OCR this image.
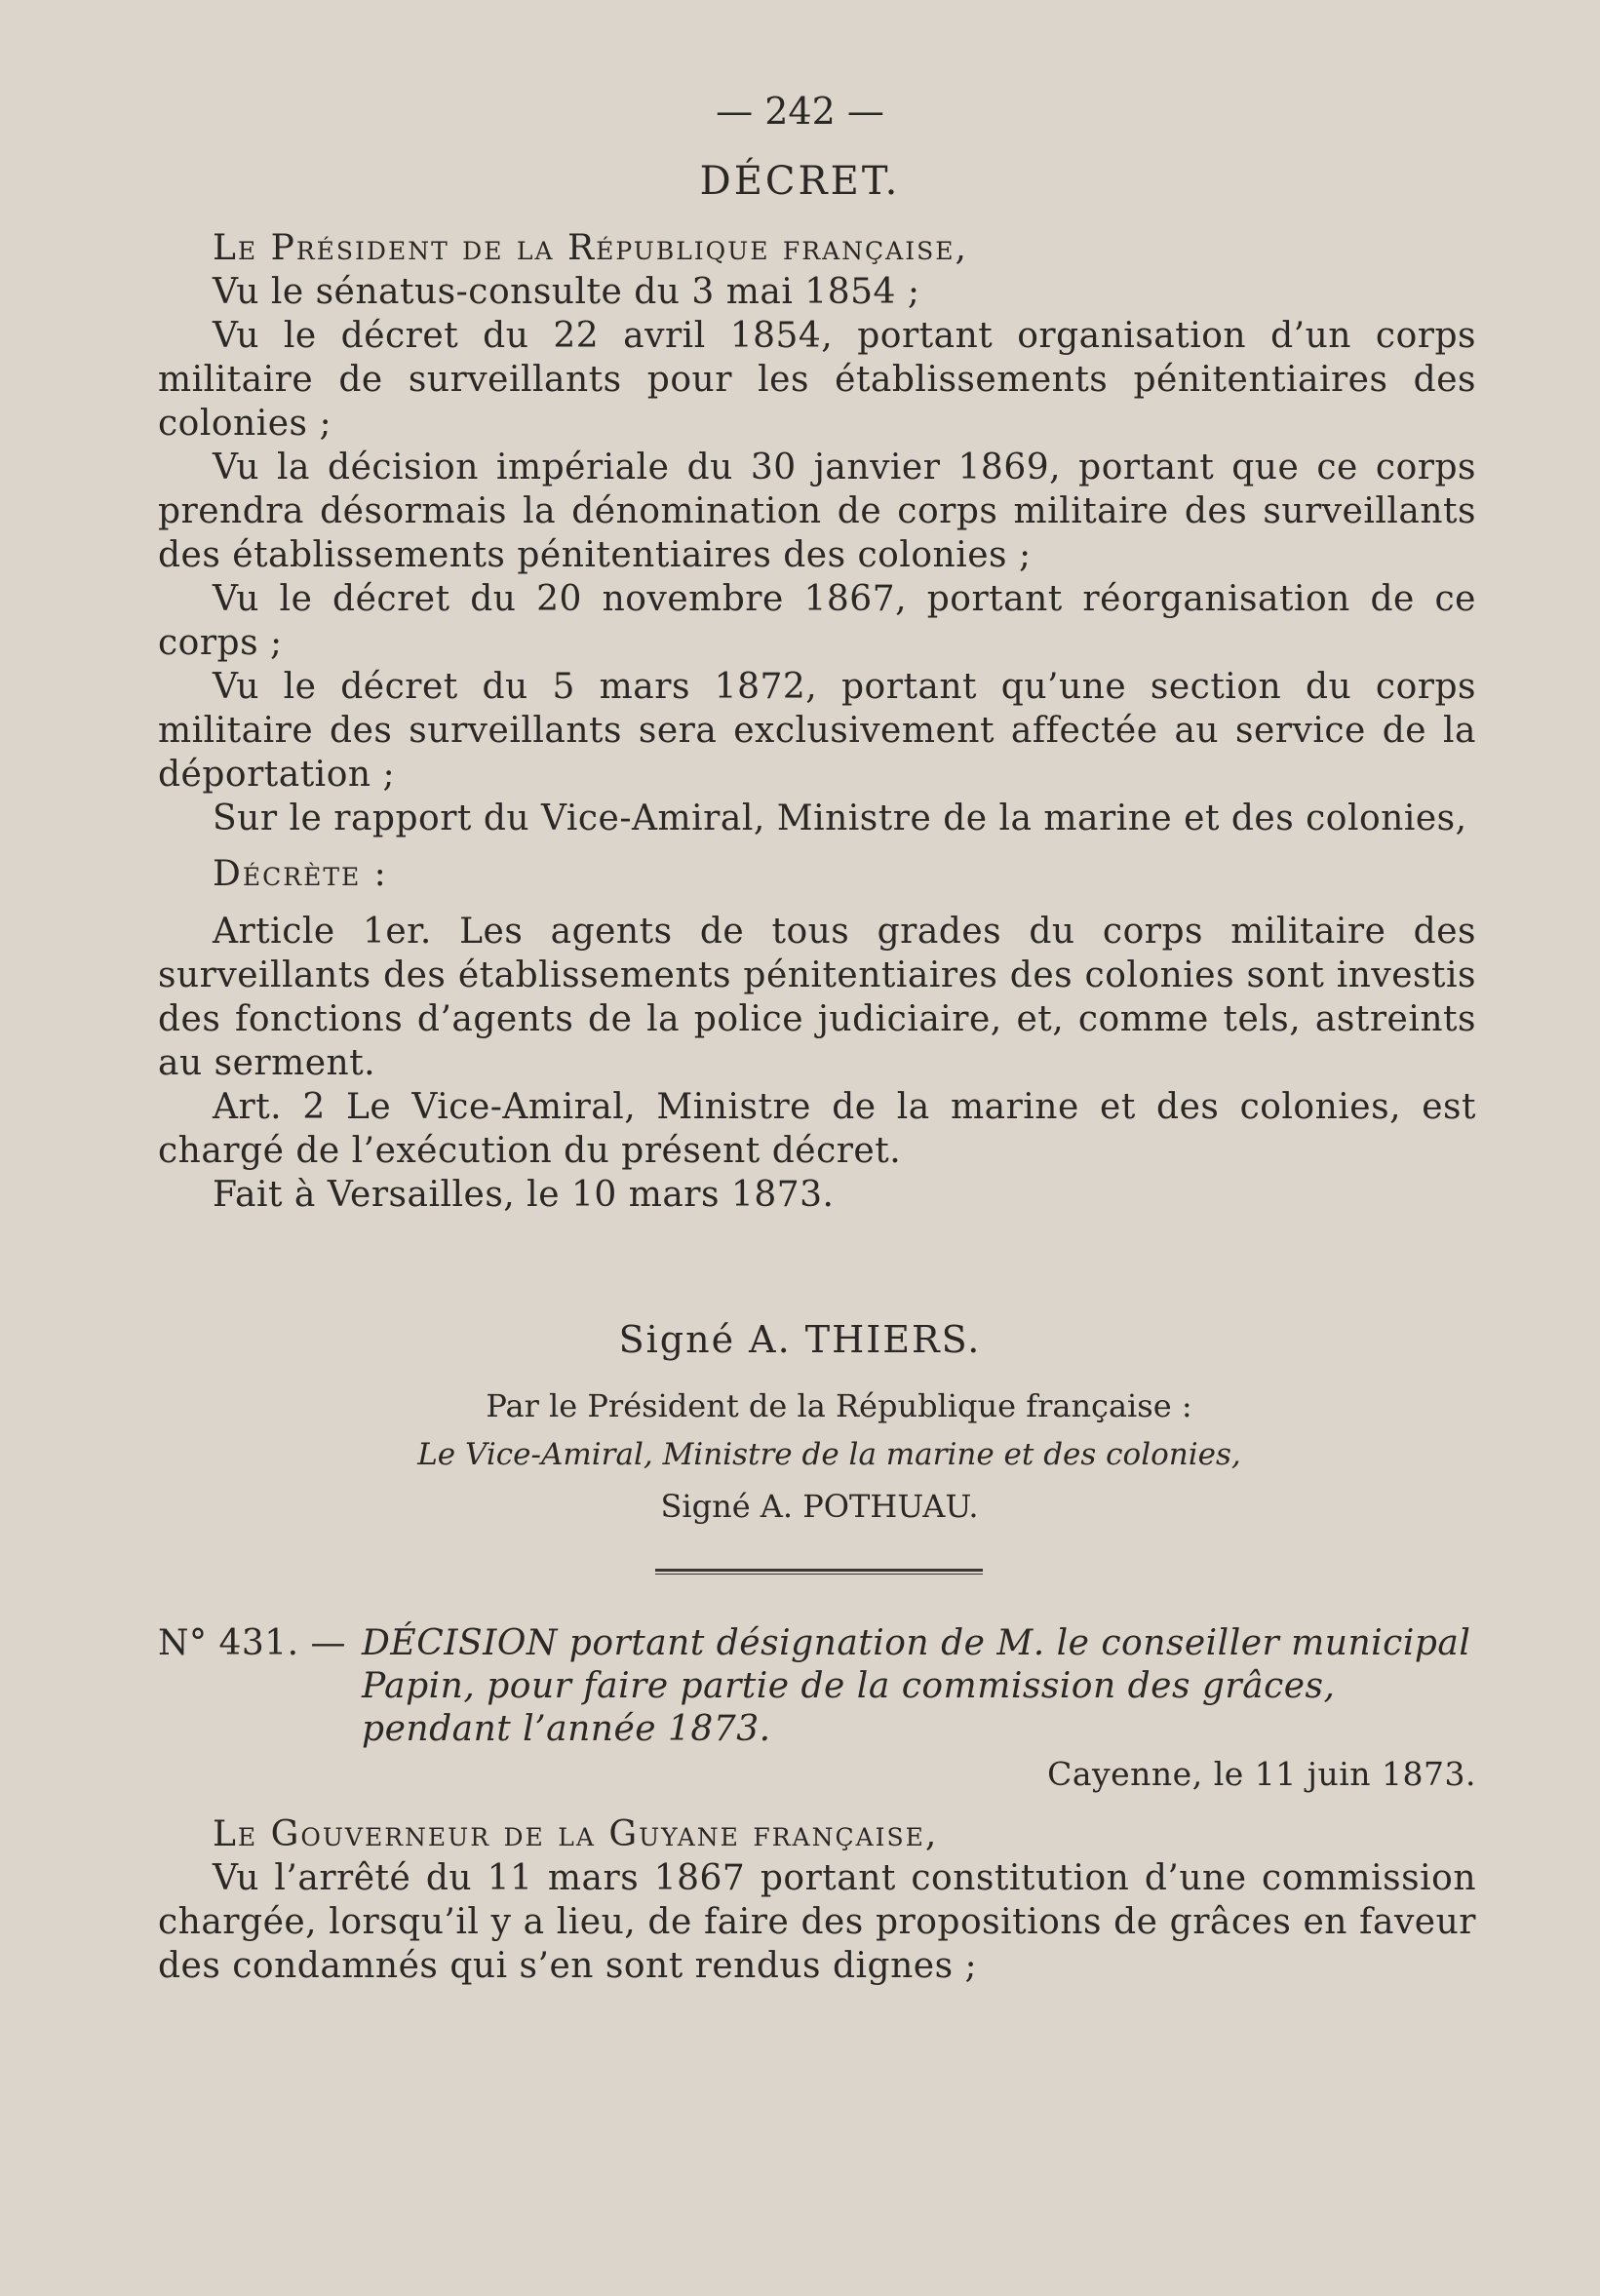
— 242 —
DÉCRET.
Le Président de la République française,
Vu le sénatus-consulte du 3 mai 1854 ;
Vu le décret du 22 avril 1854, portant organisation d’un corps militaire de surveillants pour les établissements pénitentiaires des colonies ;
Vu la décision impériale du 30 janvier 1869, portant que ce corps prendra désormais la dénomination de corps militaire des surveillants des établissements pénitentiaires des colonies ;
Vu le décret du 20 novembre 1867, portant réorganisation de ce corps ;
Vu le décret du 5 mars 1872, portant qu’une section du corps militaire des surveillants sera exclusivement affectée au service de la déportation ;
Sur le rapport du Vice-Amiral, Ministre de la marine et des colonies,
Décrète :
Article 1er. Les agents de tous grades du corps militaire des surveillants des établissements pénitentiaires des colonies sont investis des fonctions d’agents de la police judiciaire, et, comme tels, astreints au serment.
Art. 2 Le Vice-Amiral, Ministre de la marine et des colonies, est chargé de l’exécution du présent décret.
Fait à Versailles, le 10 mars 1873.
Signé A. THIERS.
Par le Président de la République française :
Le Vice-Amiral, Ministre de la marine et des colonies,
Signé A. POTHUAU.
N° 431. — DÉCISION portant désignation de M. le conseiller municipal Papin, pour faire partie de la commission des grâces, pendant l’année 1873.
Cayenne, le 11 juin 1873.
Le Gouverneur de la Guyane française,
Vu l’arrêté du 11 mars 1867 portant constitution d’une commission chargée, lorsqu’il y a lieu, de faire des propositions de grâces en faveur des condamnés qui s’en sont rendus dignes ;
